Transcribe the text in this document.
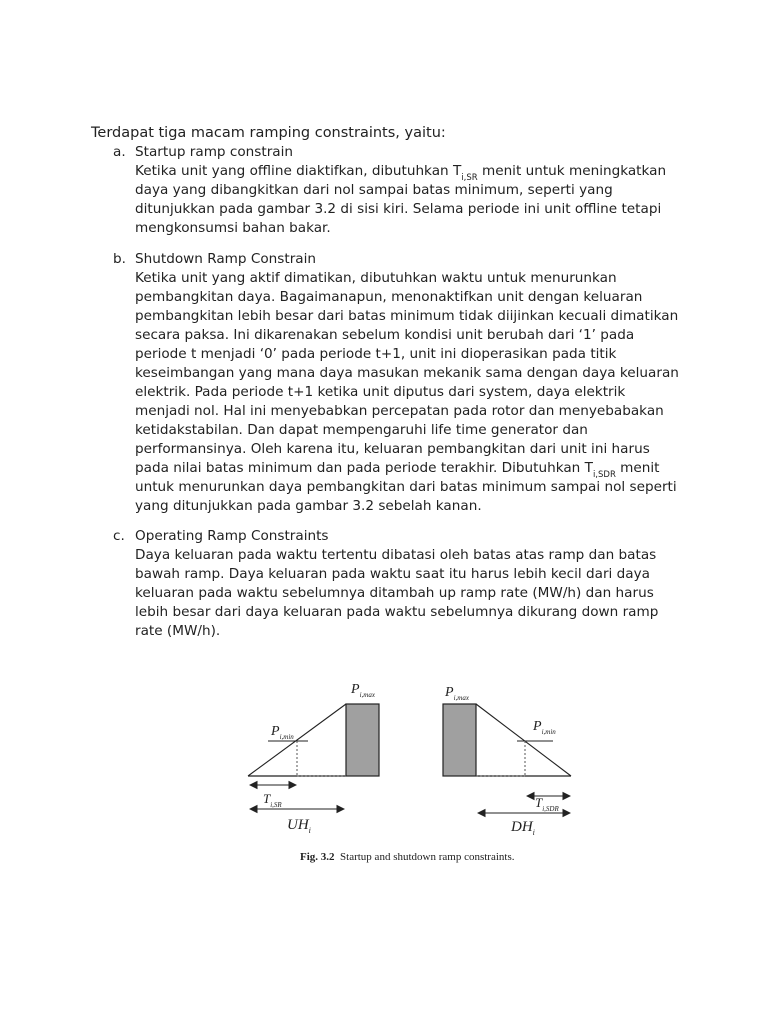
Terdapat tiga macam ramping constraints, yaitu:

a. Startup ramp constrain

Ketika unit yang offline diaktifkan, dibutuhkan $T_{i,SR}$ menit untuk meningkatkan daya yang dibangkitkan dari nol sampai batas minimum, seperti yang ditunjukkan pada gambar 3.2 di sisi kiri. Selama periode ini unit offline tetapi mengkonsumsi bahan bakar.

b. Shutdown Ramp Constrain

Ketika unit yang aktif dimatikan, dibutuhkan waktu untuk menurunkan pembangkitan daya. Bagaimanapun, menonaktifkan unit dengan keluaran pembangkitan lebih besar dari batas minimum tidak diijinkan kecuali dimatikan secara paksa. Ini dikarenakan sebelum kondisi unit berubah dari ‘1’ pada periode t menjadi ‘0’ pada periode t+1, unit ini dioperasikan pada titik keseimbangan yang mana daya masukan mekanik sama dengan daya keluaran elektrik. Pada periode t+1 ketika unit diputus dari system, daya elektrik menjadi nol. Hal ini menyebabkan percepatan pada rotor dan menyebabakan ketidakstabilan. Dan dapat mempengaruhi life time generator dan performansinya. Oleh karena itu, keluaran pembangkitan dari unit ini harus pada nilai batas minimum dan pada periode terakhir. Dibutuhkan $T_{i,SDR}$ menit untuk menurunkan daya pembangkitan dari batas minimum sampai nol seperti yang ditunjukkan pada gambar 3.2 sebelah kanan.

c. Operating Ramp Constraints

Daya keluaran pada waktu tertentu dibatasi oleh batas atas ramp dan batas bawah ramp. Daya keluaran pada waktu saat itu harus lebih kecil dari daya keluaran pada waktu sebelumnya ditambah up ramp rate (MW/h) dan harus lebih besar dari daya keluaran pada waktu sebelumnya dikurang down ramp rate (MW/h).

$P_{i,max}$
$P_{i,min}$
$T_{i,SR}$
$UH_i$
$P_{i,max}$
$P_{i,min}$
$T_{i,SDR}$
$DH_i$
Fig. 3.2  Startup and shutdown ramp constraints.
